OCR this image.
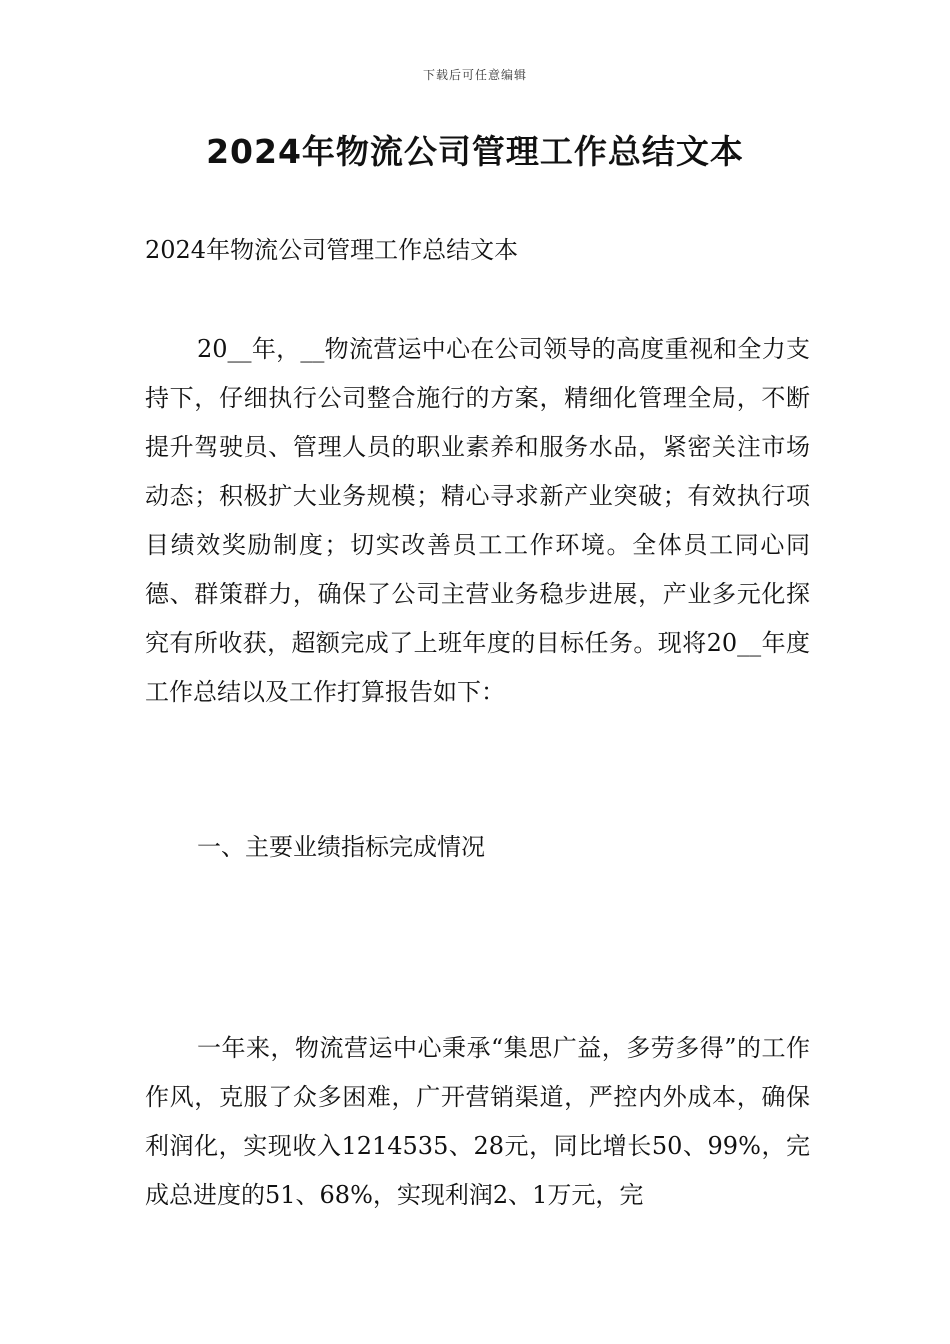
下载后可任意编辑
2024年物流公司管理工作总结文本

2024年物流公司管理工作总结文本

20__年，__物流营运中心在公司领导的高度重视和全力支持下，仔细执行公司整合施行的方案，精细化管理全局，不断提升驾驶员、管理人员的职业素养和服务水品，紧密关注市场动态；积极扩大业务规模；精心寻求新产业突破；有效执行项目绩效奖励制度；切实改善员工工作环境。全体员工同心同德、群策群力，确保了公司主营业务稳步进展，产业多元化探究有所收获，超额完成了上班年度的目标任务。现将20__年度工作总结以及工作打算报告如下：

一、主要业绩指标完成情况

一年来，物流营运中心秉承“集思广益，多劳多得”的工作作风，克服了众多困难，广开营销渠道，严控内外成本，确保利润化，实现收入1214535、28元，同比增长50、99%，完成总进度的51、68%，实现利润2、1万元，完
